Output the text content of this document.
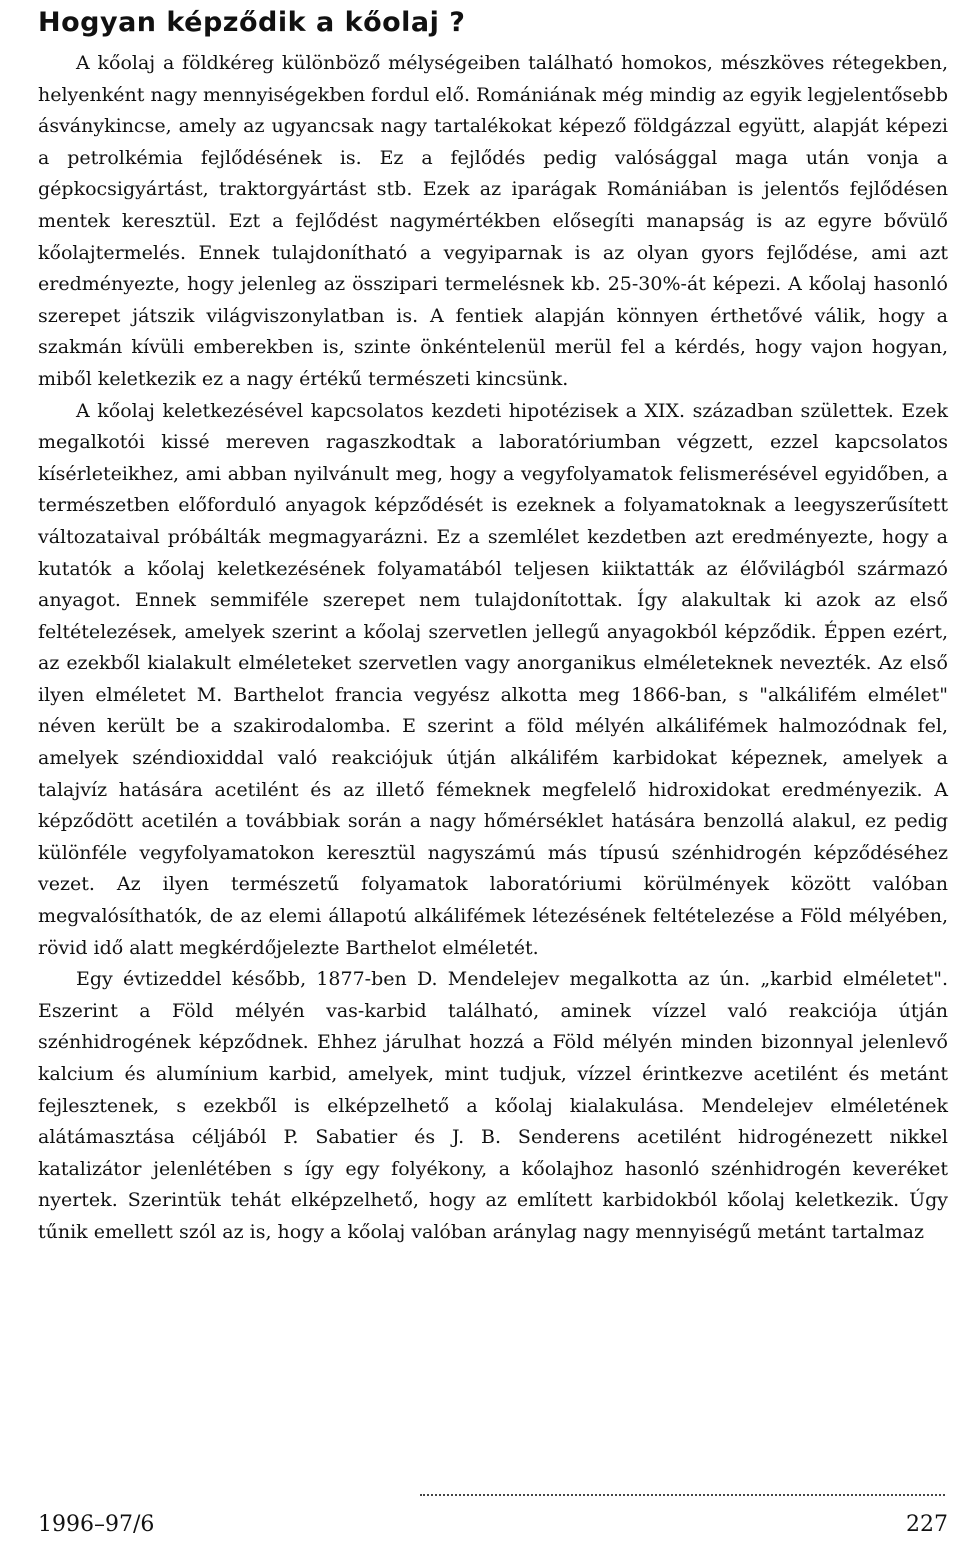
Hogyan képződik a kőolaj ?

A kőolaj a földkéreg különböző mélységeiben található homokos, mészköves rétegekben, helyenként nagy mennyiségekben fordul elő. Romániának még mindig az egyik legjelentősebb ásványkincse, amely az ugyancsak nagy tartalékokat képező földgázzal együtt, alapját képezi a petrolkémia fejlődésének is. Ez a fejlődés pedig valósággal maga után vonja a gépkocsigyártást, traktorgyártást stb. Ezek az iparágak Romániában is jelentős fejlődésen mentek keresztül. Ezt a fejlődést nagymértékben elősegíti manapság is az egyre bővülő kőolajtermelés. Ennek tulajdonítható a vegyiparnak is az olyan gyors fejlődése, ami azt eredményezte, hogy jelenleg az összipari termelésnek kb. 25-30%-át képezi. A kőolaj hasonló szerepet játszik világviszonylatban is. A fentiek alapján könnyen érthetővé válik, hogy a szakmán kívüli emberekben is, szinte önkéntelenül merül fel a kérdés, hogy vajon hogyan, miből keletkezik ez a nagy értékű természeti kincsünk.

A kőolaj keletkezésével kapcsolatos kezdeti hipotézisek a XIX. században születtek. Ezek megalkotói kissé mereven ragaszkodtak a laboratóriumban végzett, ezzel kapcsolatos kísérleteikhez, ami abban nyilvánult meg, hogy a vegyfolyamatok felismerésével egyidőben, a természetben előforduló anyagok képződését is ezeknek a folyamatoknak a leegyszerűsített változataival próbálták megmagyarázni. Ez a szemlélet kezdetben azt eredményezte, hogy a kutatók a kőolaj keletkezésének folyamatából teljesen kiiktatták az élővilágból származó anyagot. Ennek semmiféle szerepet nem tulajdonítottak. Így alakultak ki azok az első feltételezések, amelyek szerint a kőolaj szervetlen jellegű anyagokból képződik. Éppen ezért, az ezekből kialakult elméleteket szervetlen vagy anorganikus elméleteknek nevezték. Az első ilyen elméletet M. Barthelot francia vegyész alkotta meg 1866-ban, s "alkálifém elmélet" néven került be a szakirodalomba. E szerint a föld mélyén alkálifémek halmozódnak fel, amelyek széndioxiddal való reakciójuk útján alkálifém karbidokat képeznek, amelyek a talajvíz hatására acetilént és az illető fémeknek megfelelő hidroxidokat eredményezik. A képződött acetilén a továbbiak során a nagy hőmérséklet hatására benzollá alakul, ez pedig különféle vegyfolyamatokon keresztül nagyszámú más típusú szénhidrogén képződéséhez vezet. Az ilyen természetű folyamatok laboratóriumi körülmények között valóban megvalósíthatók, de az elemi állapotú alkálifémek létezésének feltételezése a Föld mélyében, rövid idő alatt megkérdőjelezte Barthelot elméletét.

Egy évtizeddel később, 1877-ben D. Mendelejev megalkotta az ún. „karbid elméletet". Eszerint a Föld mélyén vas-karbid található, aminek vízzel való reakciója útján szénhidrogének képződnek. Ehhez járulhat hozzá a Föld mélyén minden bizonnyal jelenlevő kalcium és alumínium karbid, amelyek, mint tudjuk, vízzel érintkezve acetilént és metánt fejlesztenek, s ezekből is elképzelhető a kőolaj kialakulása. Mendelejev elméletének alátámasztása céljából P. Sabatier és J. B. Senderens acetilént hidrogénezett nikkel katalizátor jelenlétében s így egy folyékony, a kőolajhoz hasonló szénhidrogén keveréket nyertek. Szerintük tehát elképzelhető, hogy az említett karbidokból kőolaj keletkezik. Úgy tűnik emellett szól az is, hogy a kőolaj valóban aránylag nagy mennyiségű metánt tartalmaz

1996–97/6	227
